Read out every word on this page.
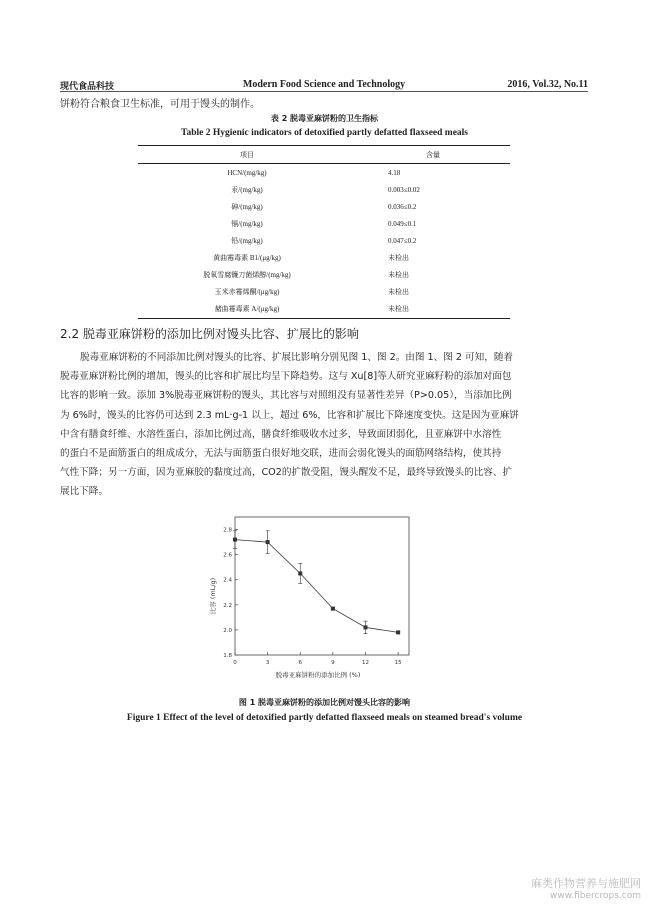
现代食品科技	Modern Food Science and Technology	2016, Vol.32, No.11
饼粉符合粮食卫生标准，可用于馒头的制作。
表 2 脱毒亚麻饼粉的卫生指标
Table 2 Hygienic indicators of detoxified partly defatted flaxseed meals
项目	含量
HCN/(mg/kg)	4.18
汞/(mg/kg)	0.003≤0.02
砷/(mg/kg)	0.036≤0.2
镉/(mg/kg)	0.049≤0.1
铅/(mg/kg)	0.047≤0.2
黄曲霉毒素 B1/(μg/kg)	未检出
脱氧雪腐镰刀菌烯醇/(mg/kg)	未检出
玉米赤霉烯酮/(μg/kg)	未检出
赭曲霉毒素 A/(μg/kg)	未检出
2.2 脱毒亚麻饼粉的添加比例对馒头比容、扩展比的影响
脱毒亚麻饼粉的不同添加比例对馒头的比容、扩展比影响分别见图 1、图 2。由图 1、图 2 可知，随着
脱毒亚麻饼粉比例的增加，馒头的比容和扩展比均呈下降趋势。这与 Xu[8]等人研究亚麻籽粉的添加对面包
比容的影响一致。添加 3%脱毒亚麻饼粉的馒头，其比容与对照组没有显著性差异（P>0.05），当添加比例
为 6%时，馒头的比容仍可达到 2.3 mL·g-1 以上，超过 6%，比容和扩展比下降速度变快。这是因为亚麻饼
中含有膳食纤维、水溶性蛋白，添加比例过高，膳食纤维吸收水过多，导致面团弱化，且亚麻饼中水溶性
的蛋白不是面筋蛋白的组成成分，无法与面筋蛋白很好地交联，进而会弱化馒头的面筋网络结构，使其持
气性下降；另一方面，因为亚麻胶的黏度过高，CO2的扩散受阻，馒头醒发不足，最终导致馒头的比容、扩
展比下降。
0	3	6	9	12	15
1.8
2.0
2.2
2.4
2.6
2.8
比容 (mL/g)
脱毒亚麻饼粉的添加比例 (%)
图 1 脱毒亚麻饼粉的添加比例对馒头比容的影响
Figure 1 Effect of the level of detoxified partly defatted flaxseed meals on steamed bread's volume
麻类作物营养与施肥网
www.fibercrops.com
